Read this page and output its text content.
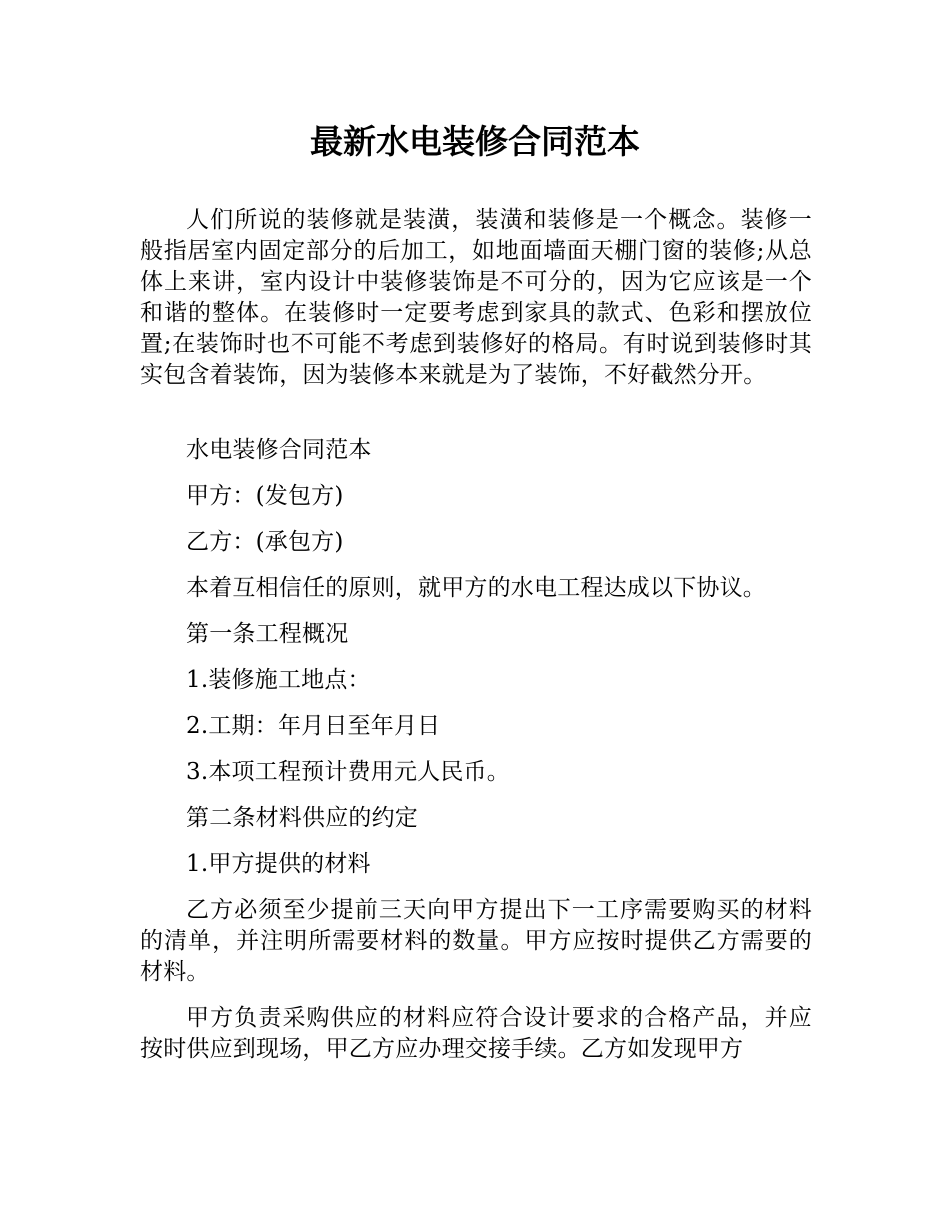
最新水电装修合同范本

人们所说的装修就是装潢，装潢和装修是一个概念。装修一般指居室内固定部分的后加工，如地面墙面天棚门窗的装修;从总体上来讲，室内设计中装修装饰是不可分的，因为它应该是一个和谐的整体。在装修时一定要考虑到家具的款式、色彩和摆放位置;在装饰时也不可能不考虑到装修好的格局。有时说到装修时其实包含着装饰，因为装修本来就是为了装饰，不好截然分开。

水电装修合同范本

甲方：(发包方)

乙方：(承包方)

本着互相信任的原则，就甲方的水电工程达成以下协议。

第一条工程概况

1.装修施工地点：

2.工期：年月日至年月日

3.本项工程预计费用元人民币。

第二条材料供应的约定

1.甲方提供的材料

乙方必须至少提前三天向甲方提出下一工序需要购买的材料的清单，并注明所需要材料的数量。甲方应按时提供乙方需要的材料。

甲方负责采购供应的材料应符合设计要求的合格产品，并应按时供应到现场，甲乙方应办理交接手续。乙方如发现甲方
